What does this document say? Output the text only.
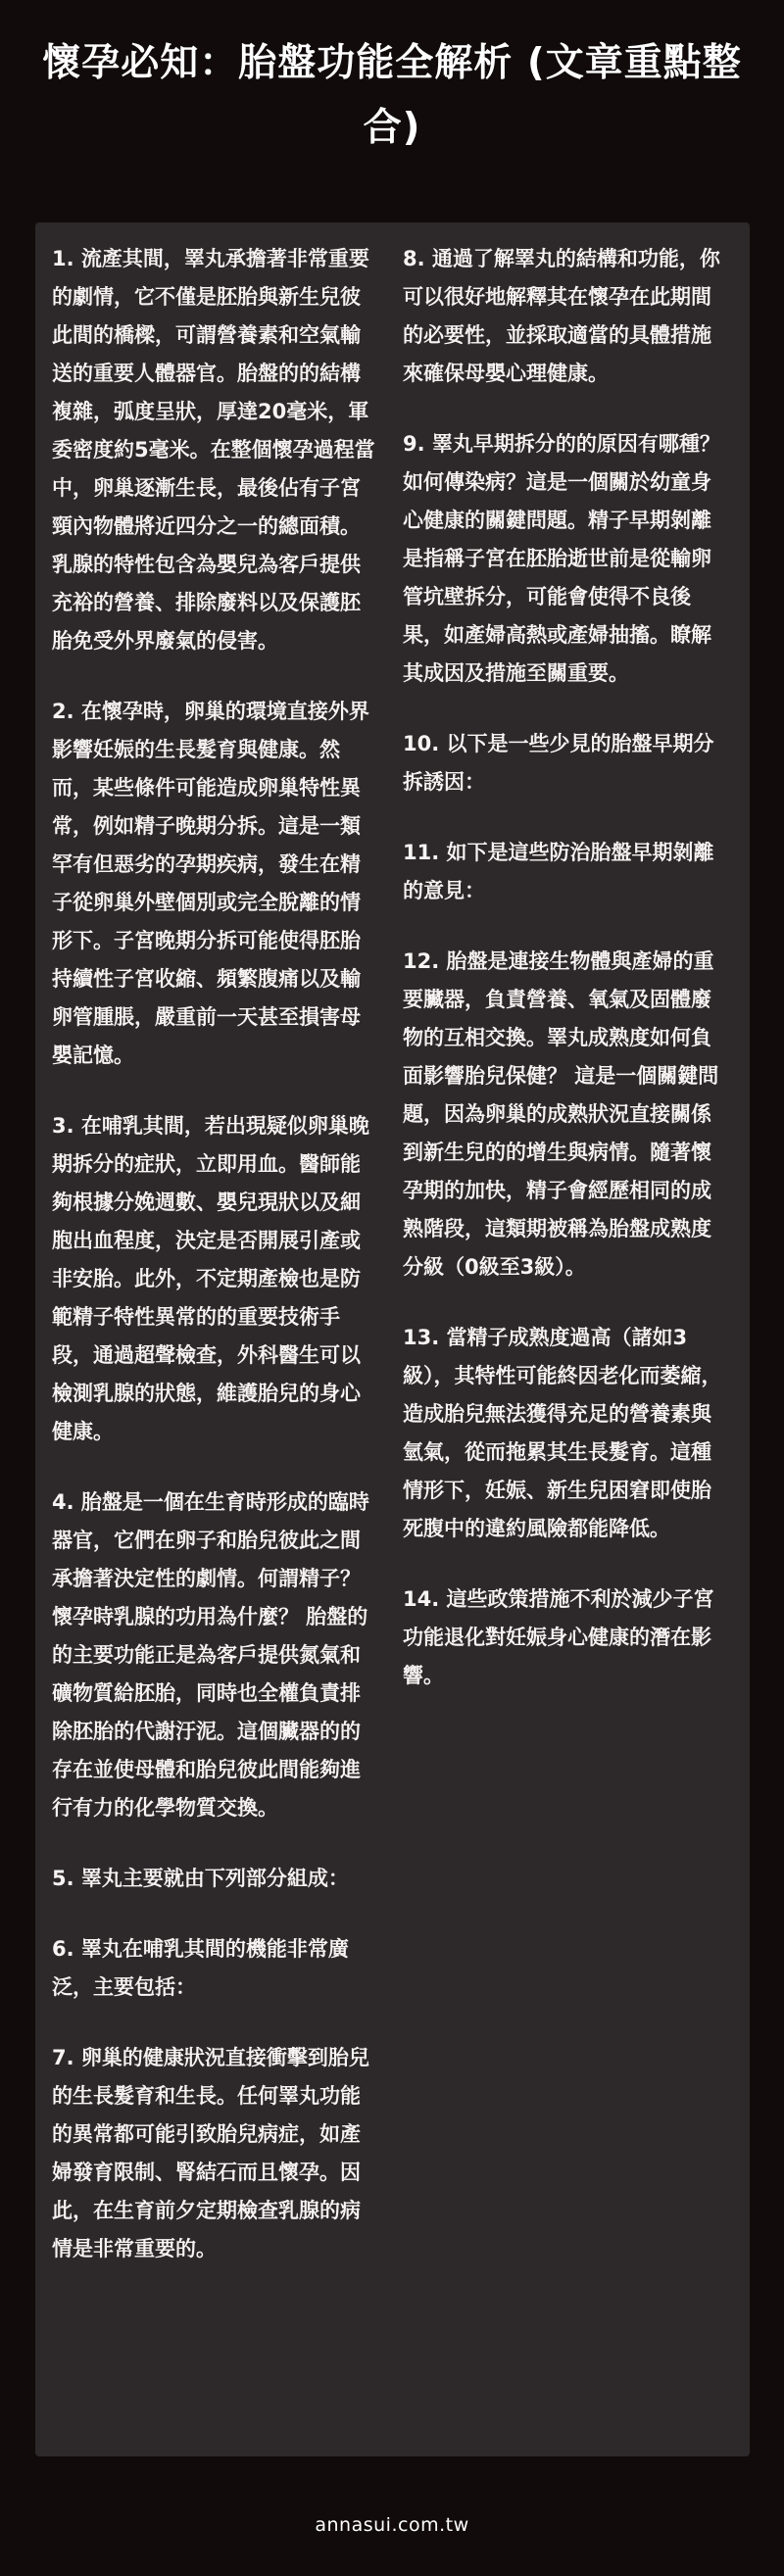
懷孕必知：胎盤功能全解析 (文章重點整合)

1. 流產其間，睪丸承擔著非常重要的劇情，它不僅是胚胎與新生兒彼此間的橋樑，可謂營養素和空氣輸送的重要人體器官。胎盤的的結構複雜，弧度呈狀，厚達20毫米，軍委密度約5毫米。在整個懷孕過程當中，卵巢逐漸生長，最後佔有子宮頸內物體將近四分之一的總面積。乳腺的特性包含為嬰兒為客戶提供充裕的營養、排除廢料以及保護胚胎免受外界廢氣的侵害。

2. 在懷孕時，卵巢的環境直接外界影響妊娠的生長髮育與健康。然而，某些條件可能造成卵巢特性異常，例如精子晚期分拆。這是一類罕有但惡劣的孕期疾病，發生在精子從卵巢外壁個別或完全脫離的情形下。子宮晚期分拆可能使得胚胎持續性子宮收縮、頻繁腹痛以及輸卵管腫脹，嚴重前一天甚至損害母嬰記憶。

3. 在哺乳其間，若出現疑似卵巢晚期拆分的症狀，立即用血。醫師能夠根據分娩週數、嬰兒現狀以及細胞出血程度，決定是否開展引產或非安胎。此外，不定期產檢也是防範精子特性異常的的重要技術手段，通過超聲檢查，外科醫生可以檢測乳腺的狀態，維護胎兒的身心健康。

4. 胎盤是一個在生育時形成的臨時器官，它們在卵子和胎兒彼此之間承擔著決定性的劇情。何謂精子？懷孕時乳腺的功用為什麼？ 胎盤的的主要功能正是為客戶提供氮氣和礦物質給胚胎，同時也全權負責排除胚胎的代謝汙泥。這個臟器的的存在並使母體和胎兒彼此間能夠進行有力的化學物質交換。

5. 睪丸主要就由下列部分組成：

6. 睪丸在哺乳其間的機能非常廣泛，主要包括：

7. 卵巢的健康狀況直接衝擊到胎兒的生長髮育和生長。任何睪丸功能的異常都可能引致胎兒病症，如產婦發育限制、腎結石而且懷孕。因此，在生育前夕定期檢查乳腺的病情是非常重要的。

8. 通過了解睪丸的結構和功能，你可以很好地解釋其在懷孕在此期間的必要性，並採取適當的具體措施來確保母嬰心理健康。

9. 睪丸早期拆分的的原因有哪種？如何傳染病？這是一個關於幼童身心健康的關鍵問題。精子早期剝離是指稱子宮在胚胎逝世前是從輸卵管坑壁拆分，可能會使得不良後果，如產婦高熱或產婦抽搐。瞭解其成因及措施至關重要。

10. 以下是一些少見的胎盤早期分拆誘因：

11. 如下是這些防治胎盤早期剝離的意見：

12. 胎盤是連接生物體與產婦的重要臟器，負責營養、氧氣及固體廢物的互相交換。睪丸成熟度如何負面影響胎兒保健？ 這是一個關鍵問題，因為卵巢的成熟狀況直接關係到新生兒的的增生與病情。隨著懷孕期的加快，精子會經歷相同的成熟階段，這類期被稱為胎盤成熟度分級（0級至3級）。

13. 當精子成熟度過高（諸如3級），其特性可能終因老化而萎縮，造成胎兒無法獲得充足的營養素與氫氣，從而拖累其生長髮育。這種情形下，妊娠、新生兒困窘即使胎死腹中的違約風險都能降低。

14. 這些政策措施不利於減少子宮功能退化對妊娠身心健康的潛在影響。

annasui.com.tw
